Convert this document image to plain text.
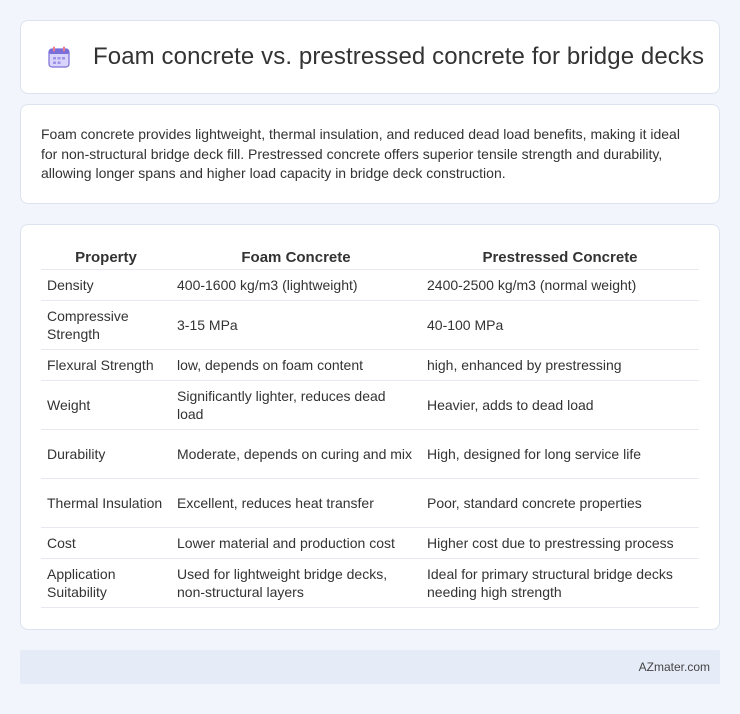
Foam concrete vs. prestressed concrete for bridge decks

Foam concrete provides lightweight, thermal insulation, and reduced dead load benefits, making it ideal for non-structural bridge deck fill. Prestressed concrete offers superior tensile strength and durability, allowing longer spans and higher load capacity in bridge deck construction.

Property	Foam Concrete	Prestressed Concrete
Density	400-1600 kg/m3 (lightweight)	2400-2500 kg/m3 (normal weight)
Compressive Strength	3-15 MPa	40-100 MPa
Flexural Strength	low, depends on foam content	high, enhanced by prestressing
Weight	Significantly lighter, reduces dead load	Heavier, adds to dead load
Durability	Moderate, depends on curing and mix	High, designed for long service life
Thermal Insulation	Excellent, reduces heat transfer	Poor, standard concrete properties
Cost	Lower material and production cost	Higher cost due to prestressing process
Application Suitability	Used for lightweight bridge decks, non-structural layers	Ideal for primary structural bridge decks needing high strength
AZmater.com
